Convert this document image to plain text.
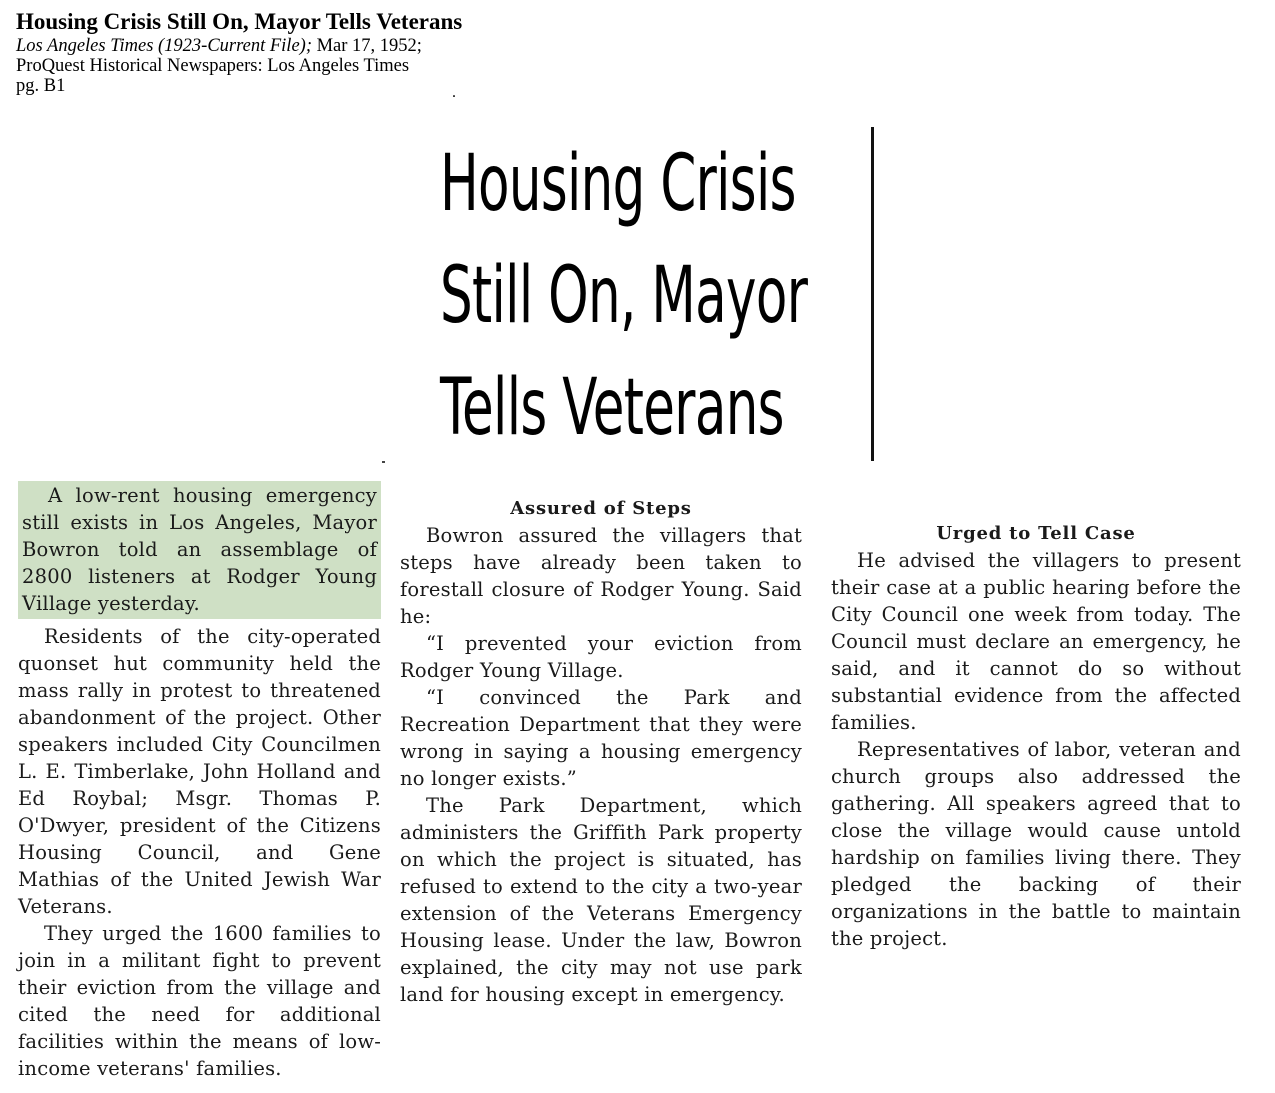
Housing Crisis Still On, Mayor Tells Veterans
Los Angeles Times (1923-Current File); Mar 17, 1952;
ProQuest Historical Newspapers: Los Angeles Times
pg. B1	.
Housing Crisis
Still On, Mayor
Tells Veterans

A low-rent housing emergency still exists in Los Angeles, Mayor Bowron told an assemblage of 2800 listeners at Rodger Young Village yesterday.

Residents of the city-operated quonset hut community held the mass rally in protest to threatened abandonment of the project. Other speakers included City Councilmen L. E. Timberlake, John Holland and Ed Roybal; Msgr. Thomas P. O'Dwyer, president of the Citizens Housing Council, and Gene Mathias of the United Jewish War Veterans.

They urged the 1600 families to join in a militant fight to prevent their eviction from the village and cited the need for additional facilities within the means of low-income veterans' families.

Assured of Steps

Bowron assured the villagers that steps have already been taken to forestall closure of Rodger Young. Said he:

“I prevented your eviction from Rodger Young Village.

“I convinced the Park and Recreation Department that they were wrong in saying a housing emergency no longer exists.”

The Park Department, which administers the Griffith Park property on which the project is situated, has refused to extend to the city a two-year extension of the Veterans Emergency Housing lease. Under the law, Bowron explained, the city may not use park land for housing except in emergency.

Urged to Tell Case

He advised the villagers to present their case at a public hearing before the City Council one week from today. The Council must declare an emergency, he said, and it cannot do so without substantial evidence from the affected families.

Representatives of labor, veteran and church groups also addressed the gathering. All speakers agreed that to close the village would cause untold hardship on families living there. They pledged the backing of their organizations in the battle to maintain the project.
